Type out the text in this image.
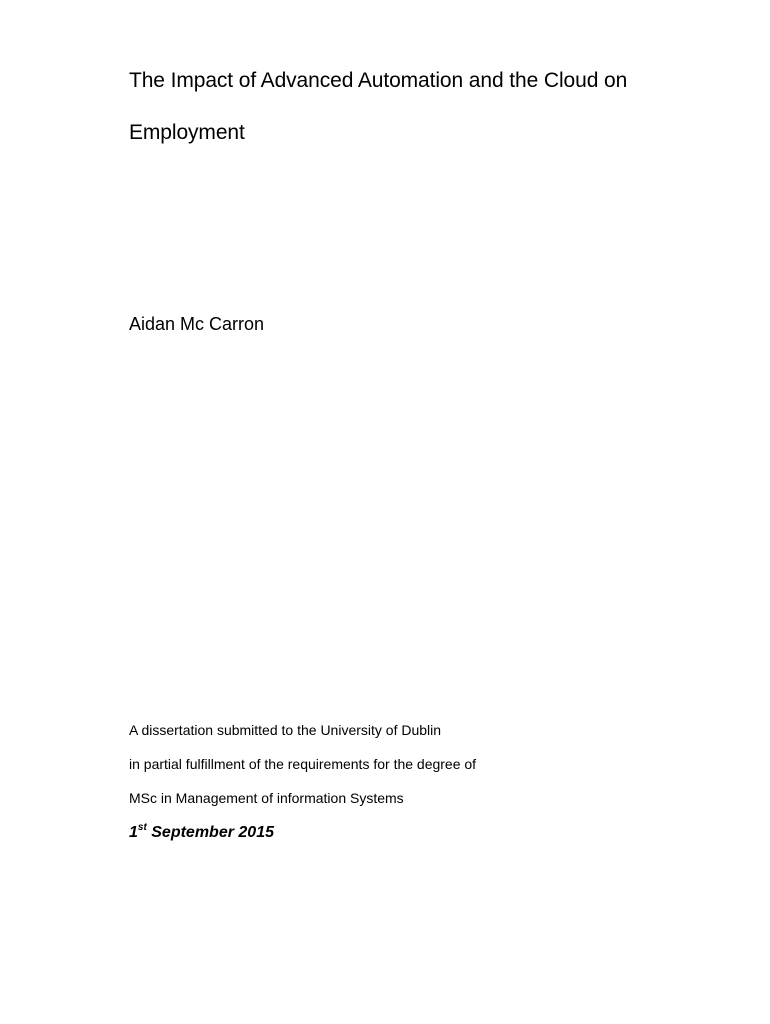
The Impact of Advanced Automation and the Cloud on
Employment
Aidan Mc Carron
A dissertation submitted to the University of Dublin
in partial fulfillment of the requirements for the degree of
MSc in Management of information Systems
1st September 2015
